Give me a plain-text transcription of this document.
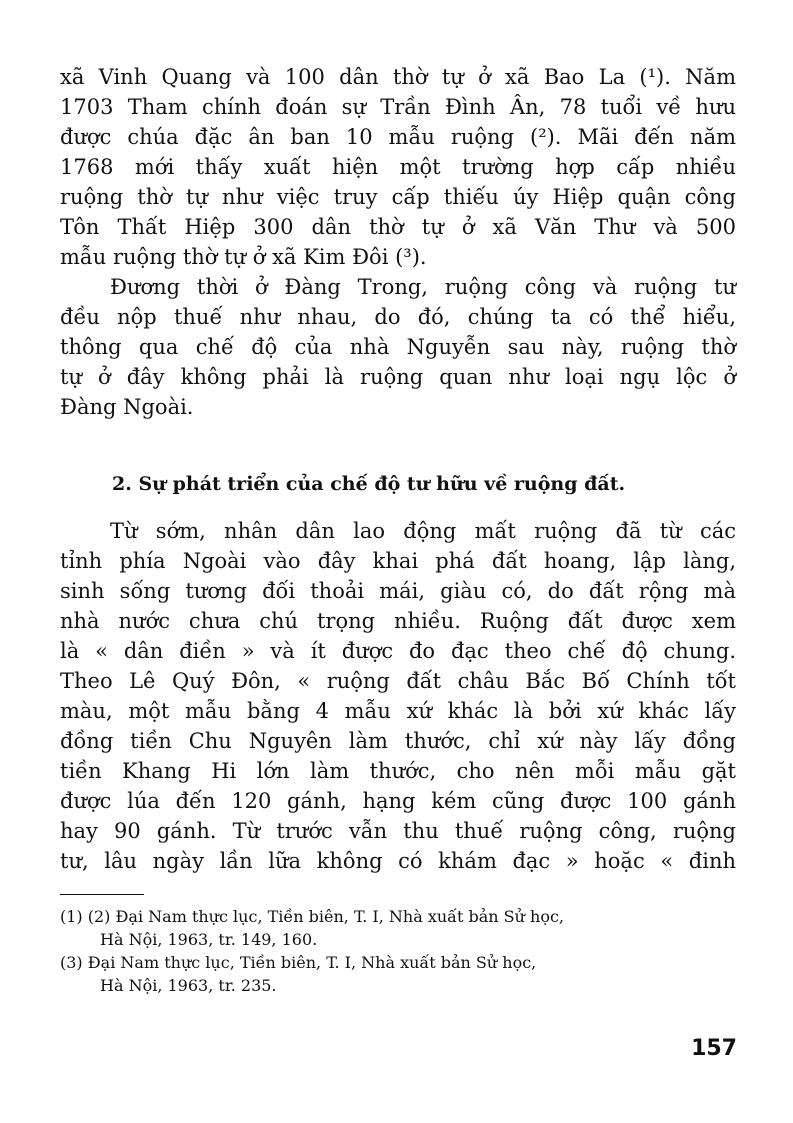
xã Vinh Quang và 100 dân thờ tự ở xã Bao La (¹). Năm
1703 Tham chính đoán sự Trần Đình Ân, 78 tuổi về hưu
được chúa đặc ân ban 10 mẫu ruộng (²). Mãi đến năm
1768 mới thấy xuất hiện một trường hợp cấp nhiều
ruộng thờ tự như việc truy cấp thiếu úy Hiệp quận công
Tôn Thất Hiệp 300 dân thờ tự ở xã Văn Thư và 500
mẫu ruộng thờ tự ở xã Kim Đôi (³).
Đương thời ở Đàng Trong, ruộng công và ruộng tư
đều nộp thuế như nhau, do đó, chúng ta có thể hiểu,
thông qua chế độ của nhà Nguyễn sau này, ruộng thờ
tự ở đây không phải là ruộng quan như loại ngụ lộc ở
Đàng Ngoài.
2. Sự phát triển của chế độ tư hữu về ruộng đất.
Từ sớm, nhân dân lao động mất ruộng đã từ các
tỉnh phía Ngoài vào đây khai phá đất hoang, lập làng,
sinh sống tương đối thoải mái, giàu có, do đất rộng mà
nhà nước chưa chú trọng nhiều. Ruộng đất được xem
là « dân điền » và ít được đo đạc theo chế độ chung.
Theo Lê Quý Đôn, « ruộng đất châu Bắc Bố Chính tốt
màu, một mẫu bằng 4 mẫu xứ khác là bởi xứ khác lấy
đồng tiền Chu Nguyên làm thước, chỉ xứ này lấy đồng
tiền Khang Hi lớn làm thước, cho nên mỗi mẫu gặt
được lúa đến 120 gánh, hạng kém cũng được 100 gánh
hay 90 gánh. Từ trước vẫn thu thuế ruộng công, ruộng
tư, lâu ngày lần lữa không có khám đạc » hoặc « đinh
(1) (2) Đại Nam thực lục, Tiền biên, T. I, Nhà xuất bản Sử học,
Hà Nội, 1963, tr. 149, 160.
(3) Đại Nam thực lục, Tiền biên, T. I, Nhà xuất bản Sử học,
Hà Nội, 1963, tr. 235.
157
